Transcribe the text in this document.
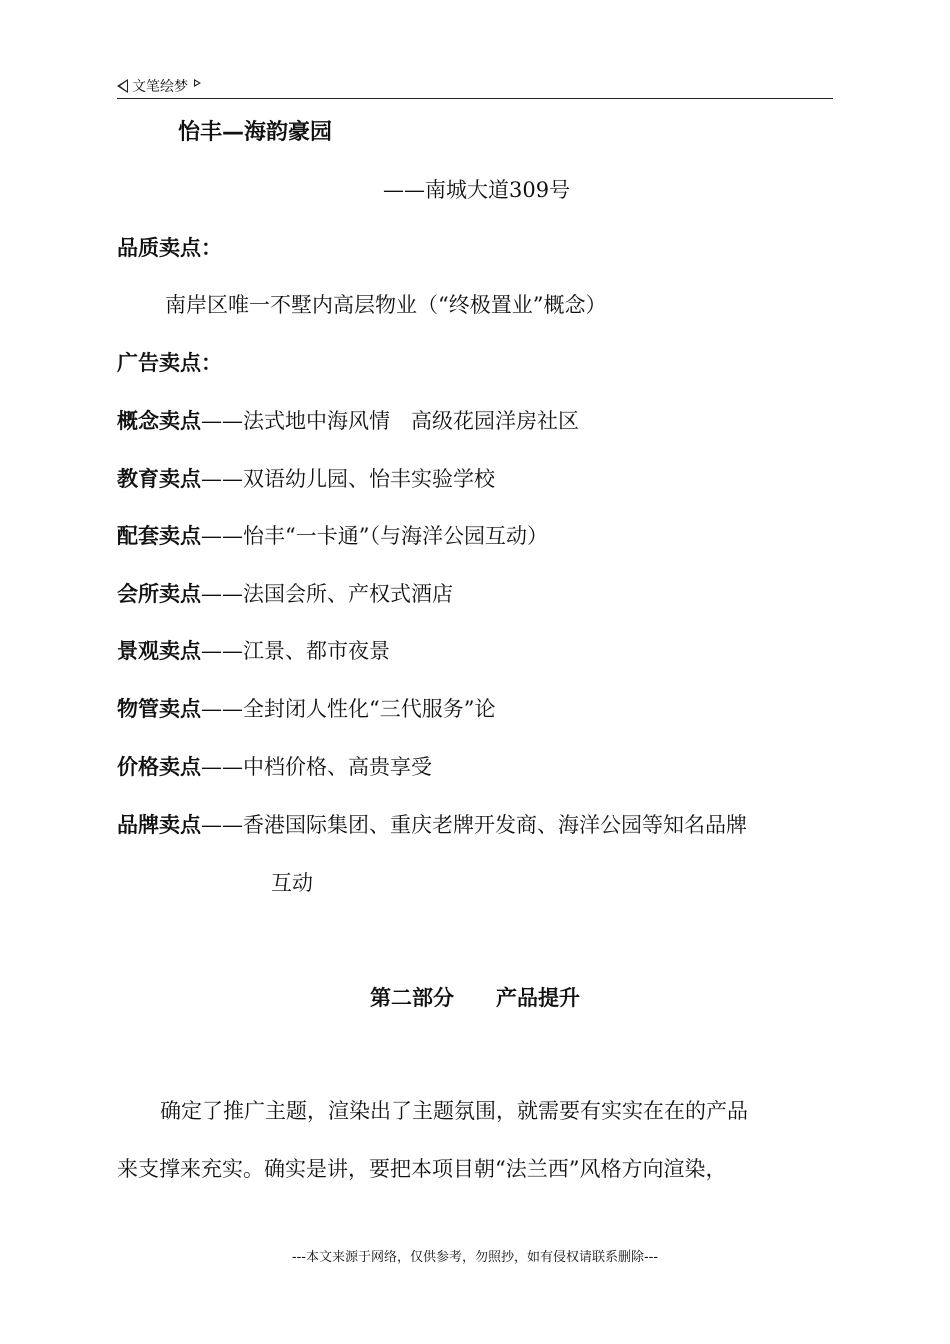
文笔绘梦
怡丰—海韵豪园
——南城大道309号
品质卖点：
南岸区唯一不墅内高层物业（“终极置业”概念）
广告卖点：
概念卖点——法式地中海风情　高级花园洋房社区
教育卖点——双语幼儿园、怡丰实验学校
配套卖点——怡丰“一卡通”（与海洋公园互动）
会所卖点——法国会所、产权式酒店
景观卖点——江景、都市夜景
物管卖点——全封闭人性化“三代服务”论
价格卖点——中档价格、高贵享受
品牌卖点——香港国际集团、重庆老牌开发商、海洋公园等知名品牌
互动
第二部分　　产品提升
确定了推广主题，渲染出了主题氛围，就需要有实实在在的产品
来支撑来充实。确实是讲，要把本项目朝“法兰西”风格方向渲染，
---本文来源于网络，仅供参考，勿照抄，如有侵权请联系删除---
